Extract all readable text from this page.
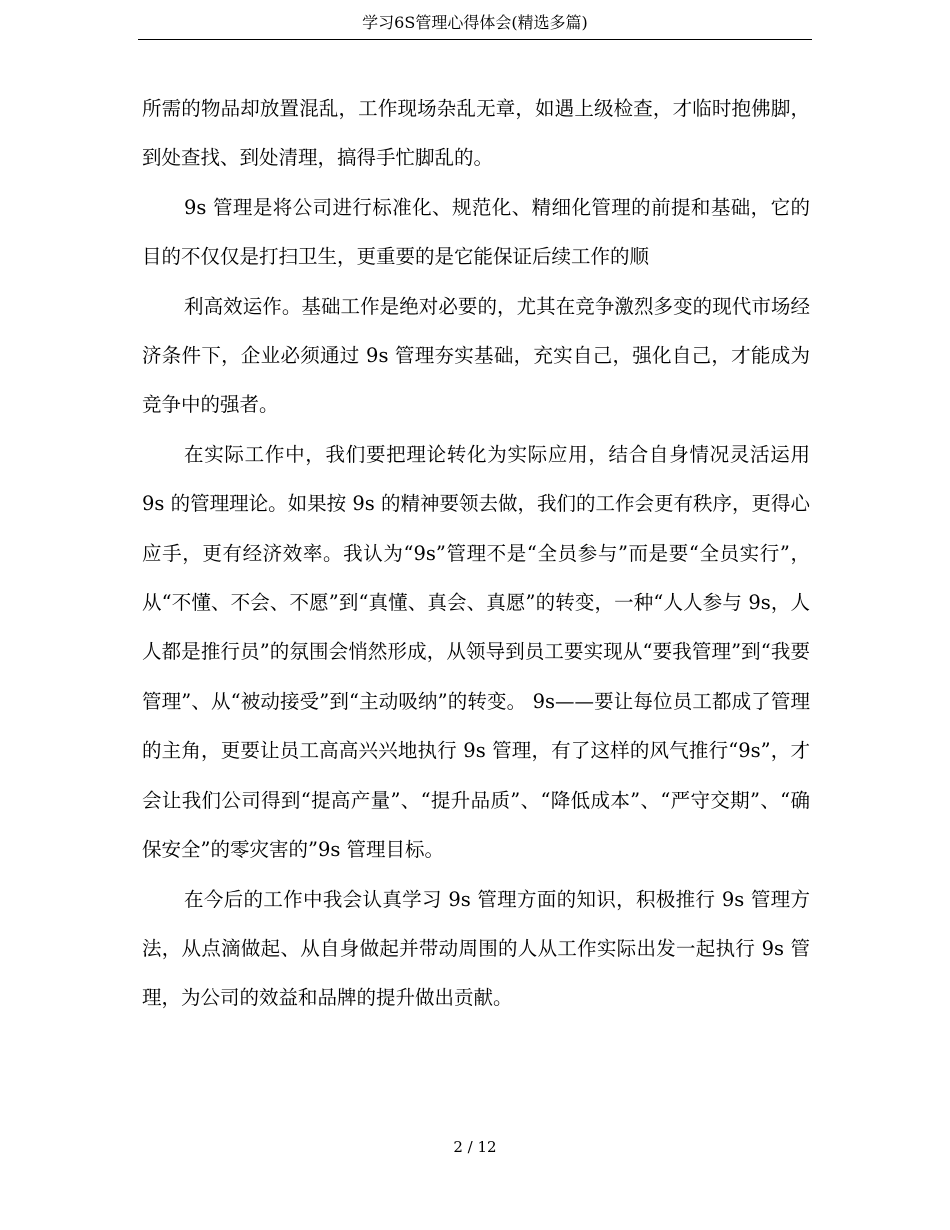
学习6S管理心得体会(精选多篇)

所需的物品却放置混乱，工作现场杂乱无章，如遇上级检查，才临时抱佛脚，到处查找、到处清理，搞得手忙脚乱的。

9s 管理是将公司进行标准化、规范化、精细化管理的前提和基础，它的目的不仅仅是打扫卫生，更重要的是它能保证后续工作的顺

利高效运作。基础工作是绝对必要的，尤其在竞争激烈多变的现代市场经济条件下，企业必须通过 9s 管理夯实基础，充实自己，强化自己，才能成为竞争中的强者。

在实际工作中，我们要把理论转化为实际应用，结合自身情况灵活运用 9s 的管理理论。如果按 9s 的精神要领去做，我们的工作会更有秩序，更得心应手，更有经济效率。我认为“9s”管理不是“全员参与”而是要“全员实行”，从“不懂、不会、不愿”到“真懂、真会、真愿”的转变，一种“人人参与 9s，人人都是推行员”的氛围会悄然形成，从领导到员工要实现从“要我管理”到“我要管理”、从“被动接受”到“主动吸纳”的转变。 9s——要让每位员工都成了管理的主角，更要让员工高高兴兴地执行 9s 管理，有了这样的风气推行“9s”，才会让我们公司得到“提高产量”、“提升品质”、“降低成本”、“严守交期”、“确保安全”的零灾害的”9s 管理目标。

在今后的工作中我会认真学习 9s 管理方面的知识，积极推行 9s 管理方法，从点滴做起、从自身做起并带动周围的人从工作实际出发一起执行 9s 管理，为公司的效益和品牌的提升做出贡献。

2 / 12
